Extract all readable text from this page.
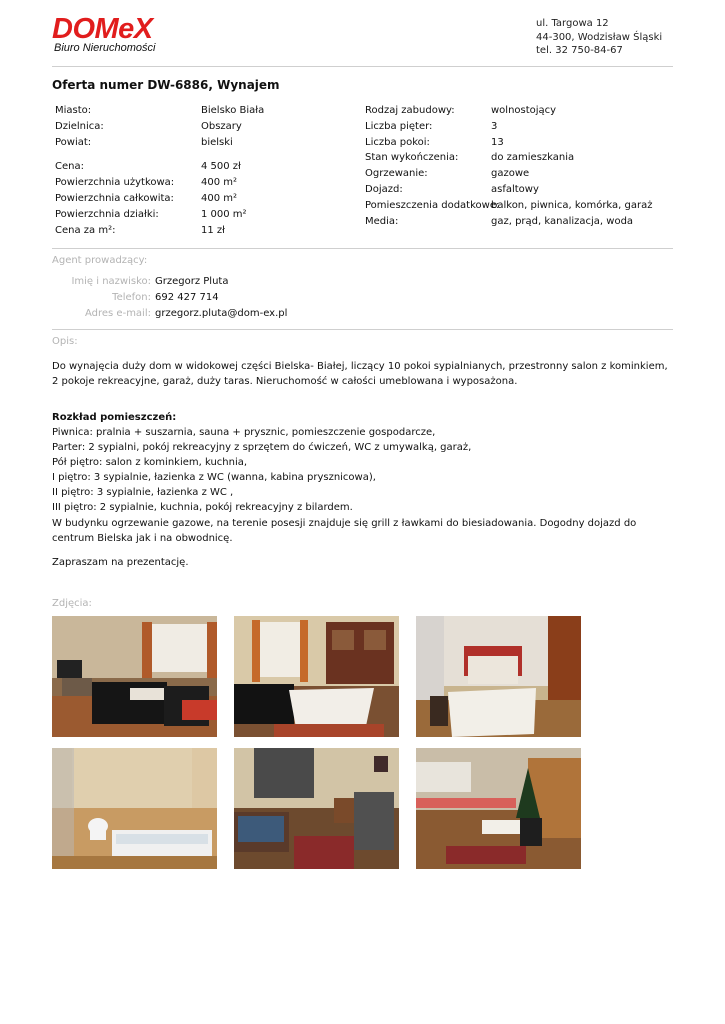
DOMeX
Biuro Nieruchomości
ul. Targowa 12
44-300, Wodzisław Śląski
tel. 32 750-84-67
Oferta numer DW-6886, Wynajem
Miasto:
Dzielnica:
Powiat:
Cena:
Powierzchnia użytkowa:
Powierzchnia całkowita:
Powierzchnia działki:
Cena za m²:
Bielsko Biała
Obszary
bielski
4 500 zł
400 m²
400 m²
1 000 m²
11 zł
Rodzaj zabudowy:
Liczba pięter:
Liczba pokoi:
Stan wykończenia:
Ogrzewanie:
Dojazd:
Pomieszczenia dodatkowe:
Media:
wolnostojący
3
13
do zamieszkania
gazowe
asfaltowy
balkon, piwnica, komórka, garaż
gaz, prąd, kanalizacja, woda
Agent prowadzący:
Imię i nazwisko:
Telefon:
Adres e-mail:
Grzegorz Pluta
692 427 714
grzegorz.pluta@dom-ex.pl
Opis:

Do wynajęcia duży dom w widokowej części Bielska- Białej, liczący 10 pokoi sypialnianych, przestronny salon z kominkiem, 2 pokoje rekreacyjne, garaż, duży taras. Nieruchomość w całości umeblowana i wyposażona.

Rozkład pomieszczeń:

Piwnica: pralnia + suszarnia, sauna + prysznic, pomieszczenie gospodarcze,

Parter: 2 sypialni, pokój rekreacyjny z sprzętem do ćwiczeń, WC z umywalką, garaż,

Pół piętro: salon z kominkiem, kuchnia,

I piętro: 3 sypialnie, łazienka z WC (wanna, kabina prysznicowa),

II piętro: 3 sypialnie, łazienka z WC ,

III piętro: 2 sypialnie, kuchnia, pokój rekreacyjny z bilardem.

W budynku ogrzewanie gazowe, na terenie posesji znajduje się grill z ławkami do biesiadowania. Dogodny dojazd do centrum Bielska jak i na obwodnicę.

Zapraszam na prezentację.

Zdjęcia:
